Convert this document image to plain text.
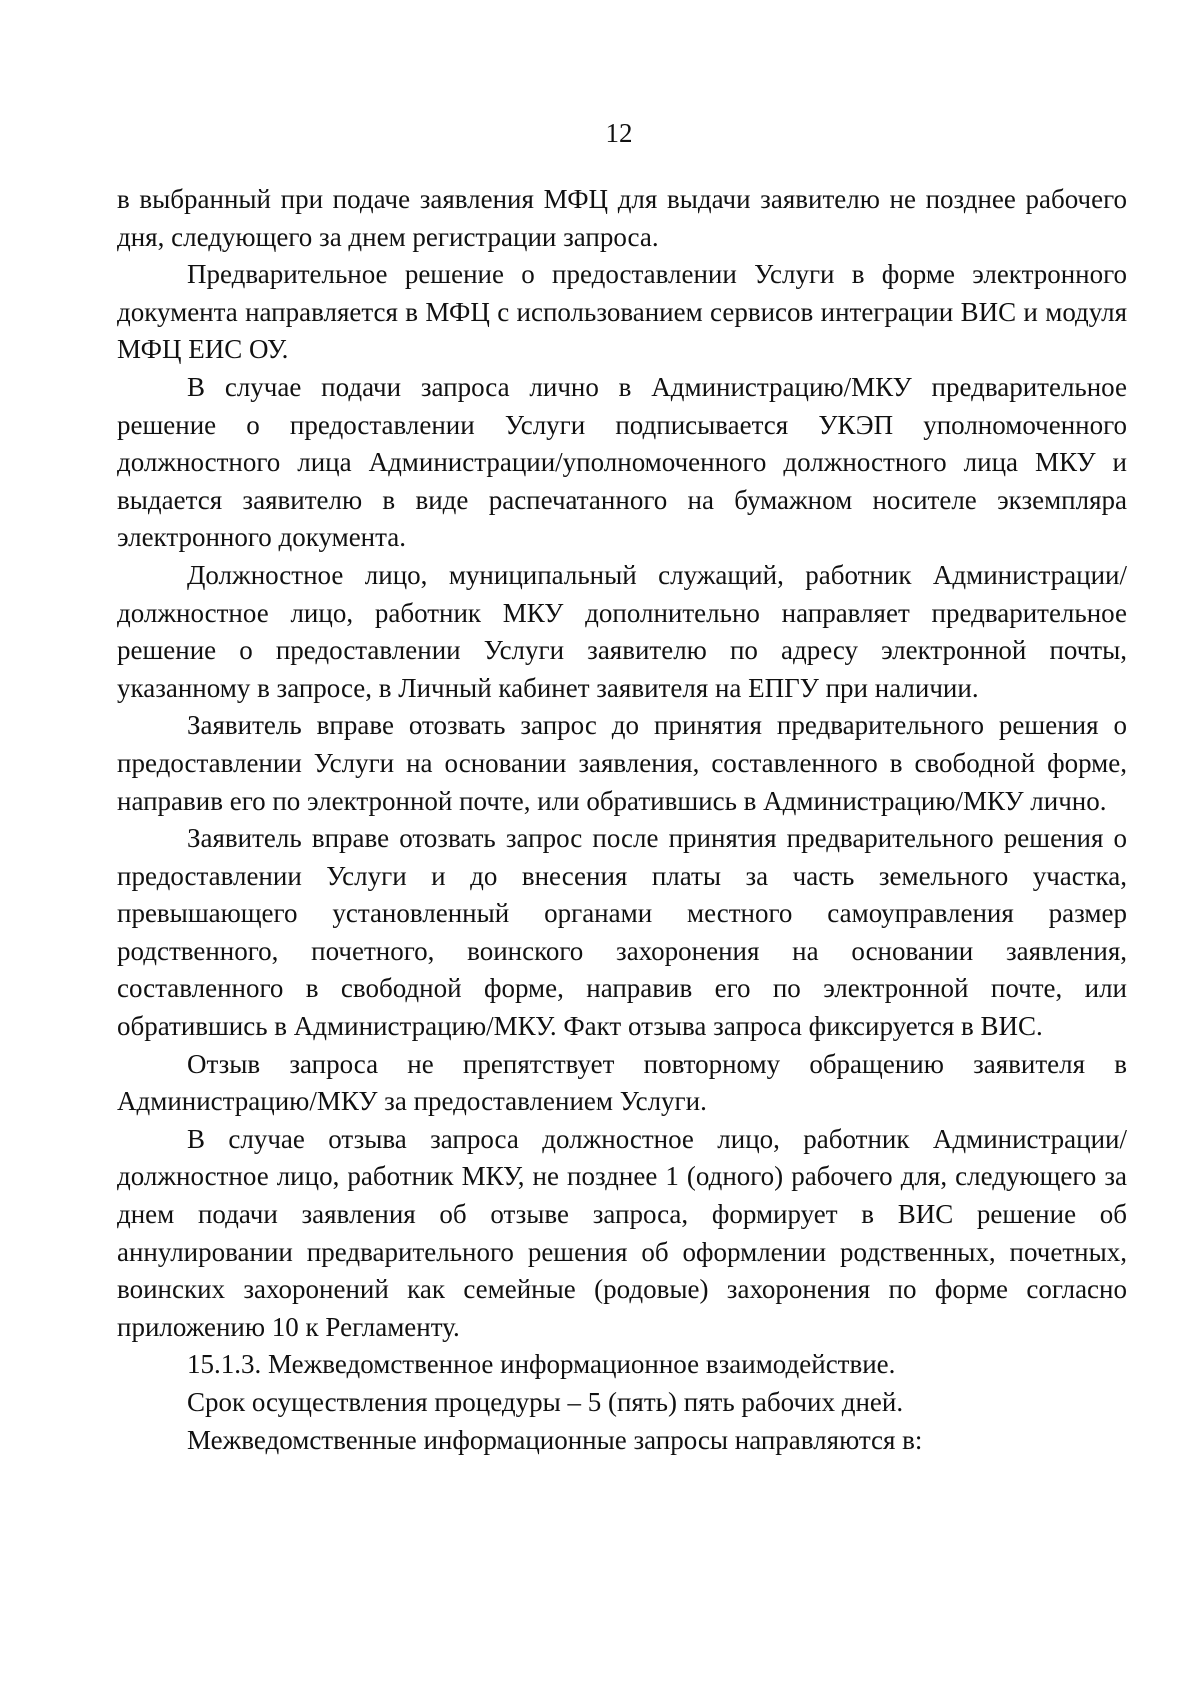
12

в выбранный при подаче заявления МФЦ для выдачи заявителю не позднее рабочего дня, следующего за днем регистрации запроса.

Предварительное решение о предоставлении Услуги в форме электронного документа направляется в МФЦ с использованием сервисов интеграции ВИС и модуля МФЦ ЕИС ОУ.

В случае подачи запроса лично в Администрацию/МКУ предварительное решение о предоставлении Услуги подписывается УКЭП уполномоченного должностного лица Администрации/уполномоченного должностного лица МКУ и выдается заявителю в виде распечатанного на бумажном носителе экземпляра электронного документа.

Должностное лицо, муниципальный служащий, работник Администрации/должностное лицо, работник МКУ дополнительно направляет предварительное решение о предоставлении Услуги заявителю по адресу электронной почты, указанному в запросе, в Личный кабинет заявителя на ЕПГУ при наличии.

Заявитель вправе отозвать запрос до принятия предварительного решения о предоставлении Услуги на основании заявления, составленного в свободной форме, направив его по электронной почте, или обратившись в Администрацию/МКУ лично.

Заявитель вправе отозвать запрос после принятия предварительного решения о предоставлении Услуги и до внесения платы за часть земельного участка, превышающего установленный органами местного самоуправления размер родственного, почетного, воинского захоронения на основании заявления, составленного в свободной форме, направив его по электронной почте, или обратившись в Администрацию/МКУ. Факт отзыва запроса фиксируется в ВИС.

Отзыв запроса не препятствует повторному обращению заявителя в Администрацию/МКУ за предоставлением Услуги.

В случае отзыва запроса должностное лицо, работник Администрации/должностное лицо, работник МКУ, не позднее 1 (одного) рабочего для, следующего за днем подачи заявления об отзыве запроса, формирует в ВИС решение об аннулировании предварительного решения об оформлении родственных, почетных, воинских захоронений как семейные (родовые) захоронения по форме согласно приложению 10 к Регламенту.

15.1.3. Межведомственное информационное взаимодействие.

Срок осуществления процедуры – 5 (пять) пять рабочих дней.

Межведомственные информационные запросы направляются в:
